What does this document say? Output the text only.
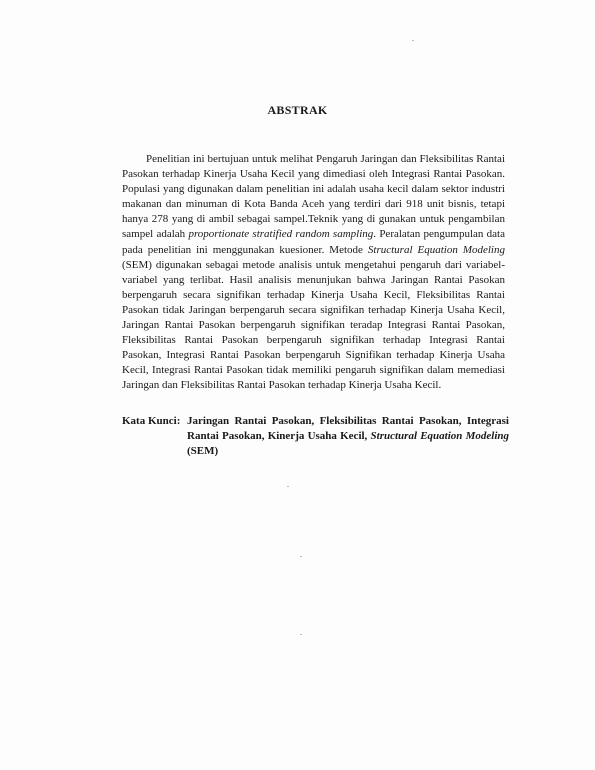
ABSTRAK

Penelitian ini bertujuan untuk melihat Pengaruh Jaringan dan Fleksibilitas Rantai Pasokan terhadap Kinerja Usaha Kecil yang dimediasi oleh Integrasi Rantai Pasokan. Populasi yang digunakan dalam penelitian ini adalah usaha kecil dalam sektor industri makanan dan minuman di Kota Banda Aceh yang terdiri dari 918 unit bisnis, tetapi hanya 278 yang di ambil sebagai sampel.Teknik yang di gunakan untuk pengambilan sampel adalah proportionate stratified random sampling. Peralatan pengumpulan data pada penelitian ini menggunakan kuesioner. Metode Structural Equation Modeling (SEM) digunakan sebagai metode analisis untuk mengetahui pengaruh dari variabel-variabel yang terlibat. Hasil analisis menunjukan bahwa Jaringan Rantai Pasokan berpengaruh secara signifikan terhadap Kinerja Usaha Kecil, Fleksibilitas Rantai Pasokan tidak Jaringan berpengaruh secara signifikan terhadap Kinerja Usaha Kecil, Jaringan Rantai Pasokan berpengaruh signifikan teradap Integrasi Rantai Pasokan, Fleksibilitas Rantai Pasokan berpengaruh signifikan terhadap Integrasi Rantai Pasokan, Integrasi Rantai Pasokan berpengaruh Signifikan terhadap Kinerja Usaha Kecil, Integrasi Rantai Pasokan tidak memiliki pengaruh signifikan dalam memediasi Jaringan dan Fleksibilitas Rantai Pasokan terhadap Kinerja Usaha Kecil.

Kata Kunci: Jaringan Rantai Pasokan, Fleksibilitas Rantai Pasokan, Integrasi Rantai Pasokan, Kinerja Usaha Kecil, Structural Equation Modeling (SEM)
